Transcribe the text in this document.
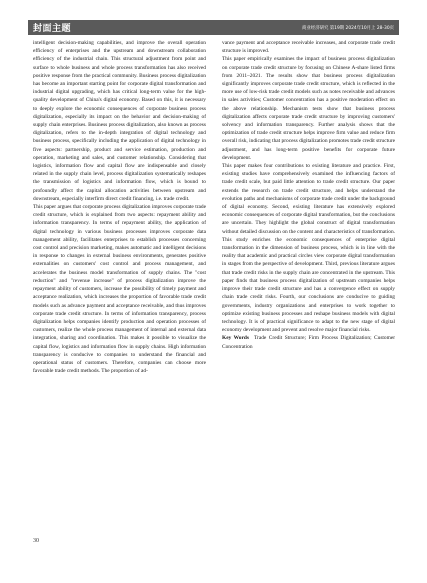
封面主题	商业经济研究 第19期 2024年10月上 28-30页

intelligent decision-making capabilities, and improve the overall operation efficiency of enterprises and the upstream and downstream collaboration efficiency of the industrial chain. This structural adjustment from point and surface to whole business and whole process transformation has also received positive response from the practical community. Business process digitalization has become an important starting point for corporate digital transformation and industrial digital upgrading, which has critical long-term value for the high-quality development of China's digital economy. Based on this, it is necessary to deeply explore the economic consequences of corporate business process digitalization, especially its impact on the behavior and decision-making of supply chain enterprises. Business process digitalization, also known as process digitalization, refers to the in-depth integration of digital technology and business process, specifically including the application of digital technology in five aspects: partnership, product and service estimation, production and operation, marketing and sales, and customer relationship. Considering that logistics, information flow and capital flow are indispensable and closely related in the supply chain level, process digitalization systematically reshapes the transmission of logistics and information flow, which is bound to profoundly affect the capital allocation activities between upstream and downstream, especially interfirm direct credit financing, i.e. trade credit.

This paper argues that corporate process digitalization improves corporate trade credit structure, which is explained from two aspects: repayment ability and information transparency. In terms of repayment ability, the application of digital technology in various business processes improves corporate data management ability, facilitates enterprises to establish processes concerning cost control and precision marketing, makes automatic and intelligent decisions in response to changes in external business environments, generates positive externalities on customers' cost control and process management, and accelerates the business model transformation of supply chains. The "cost reduction" and "revenue increase" of process digitalization improve the repayment ability of customers, increase the possibility of timely payment and acceptance realization, which increases the proportion of favorable trade credit models such as advance payment and acceptance receivable, and thus improves corporate trade credit structure. In terms of information transparency, process digitalization helps companies identify production and operation processes of customers, realize the whole process management of internal and external data integration, sharing and coordination. This makes it possible to visualize the capital flow, logistics and information flow in supply chains. High information transparency is conducive to companies to understand the financial and operational status of customers. Therefore, companies can choose more favorable trade credit methods. The proportion of ad-

vance payment and acceptance receivable increases, and corporate trade credit structure is improved.

This paper empirically examines the impact of business process digitalization on corporate trade credit structure by focusing on Chinese A-share listed firms from 2011–2021. The results show that business process digitalization significantly improves corporate trade credit structure, which is reflected in the more use of low-risk trade credit models such as notes receivable and advances in sales activities; Customer concentration has a positive moderation effect on the above relationship. Mechanism tests show that business process digitalization affects corporate trade credit structure by improving customers' solvency and information transparency. Further analysis shows that the optimization of trade credit structure helps improve firm value and reduce firm overall risk, indicating that process digitalization promotes trade credit structure adjustment, and has long-term positive benefits for corporate future development.

This paper makes four contributions to existing literature and practice. First, existing studies have comprehensively examined the influencing factors of trade credit scale, but paid little attention to trade credit structure. Our paper extends the research on trade credit structure, and helps understand the evolution paths and mechanisms of corporate trade credit under the background of digital economy. Second, existing literature has extensively explored economic consequences of corporate digital transformation, but the conclusions are uncertain. They highlight the global construct of digital transformation without detailed discussion on the content and characteristics of transformation. This study enriches the economic consequences of enterprise digital transformation in the dimension of business process, which is in line with the reality that academic and practical circles view corporate digital transformation in stages from the perspective of development. Third, previous literature argues that trade credit risks in the supply chain are concentrated in the upstream. This paper finds that business process digitalization of upstream companies helps improve their trade credit structure and has a convergence effect on supply chain trade credit risks. Fourth, our conclusions are conducive to guiding governments, industry organizations and enterprises to work together to optimize existing business processes and reshape business models with digital technology. It is of practical significance to adapt to the new stage of digital economy development and prevent and resolve major financial risks.

Key Words Trade Credit Structure; Firm Process Digitalization; Customer Concentration

30
